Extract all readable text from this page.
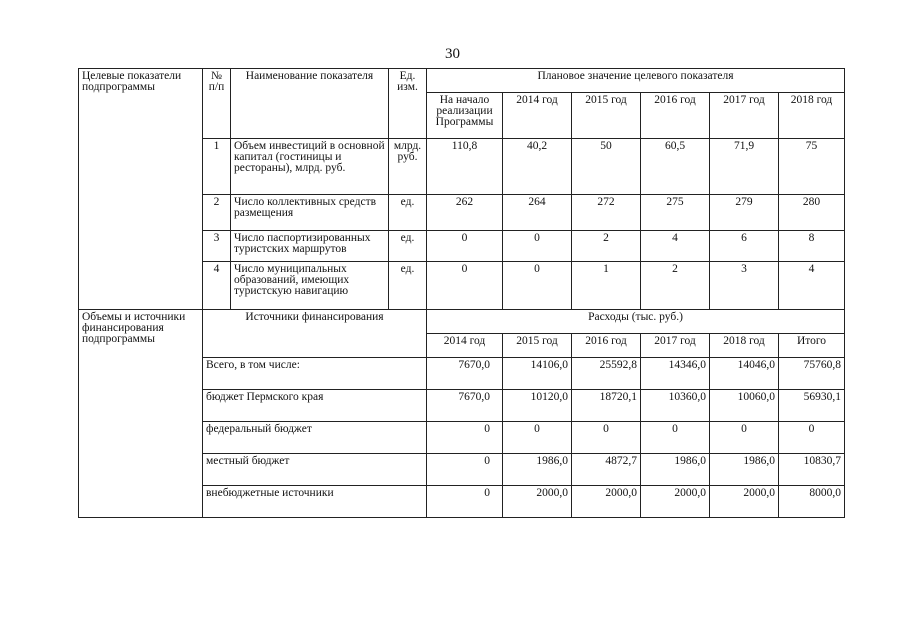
30
Целевые показатели подпрограммы	№ п/п	Наименование показателя	Ед. изм.	Плановое значение целевого показателя					
				На начало реализации Программы	2014 год	2015 год	2016 год	2017 год	2018 год
	1	Объем инвестиций в основной капитал (гостиницы и рестораны), млрд. руб.	млрд. руб.	110,8	40,2	50	60,5	71,9	75
	2	Число коллективных средств размещения	ед.	262	264	272	275	279	280
	3	Число паспортизированных туристских маршрутов	ед.	0	0	2	4	6	8
	4	Число муниципальных образований, имеющих туристскую навигацию	ед.	0	0	1	2	3	4
Объемы и источники финансирования подпрограммы	Источники финансирования			Расходы (тыс. руб.)					
				2014 год	2015 год	2016 год	2017 год	2018 год	Итого
	Всего, в том числе:			7670,0	14106,0	25592,8	14346,0	14046,0	75760,8
	бюджет Пермского края			7670,0	10120,0	18720,1	10360,0	10060,0	56930,1
	федеральный бюджет			0	0	0	0	0	0
	местный бюджет			0	1986,0	4872,7	1986,0	1986,0	10830,7
	внебюджетные источники			0	2000,0	2000,0	2000,0	2000,0	8000,0
